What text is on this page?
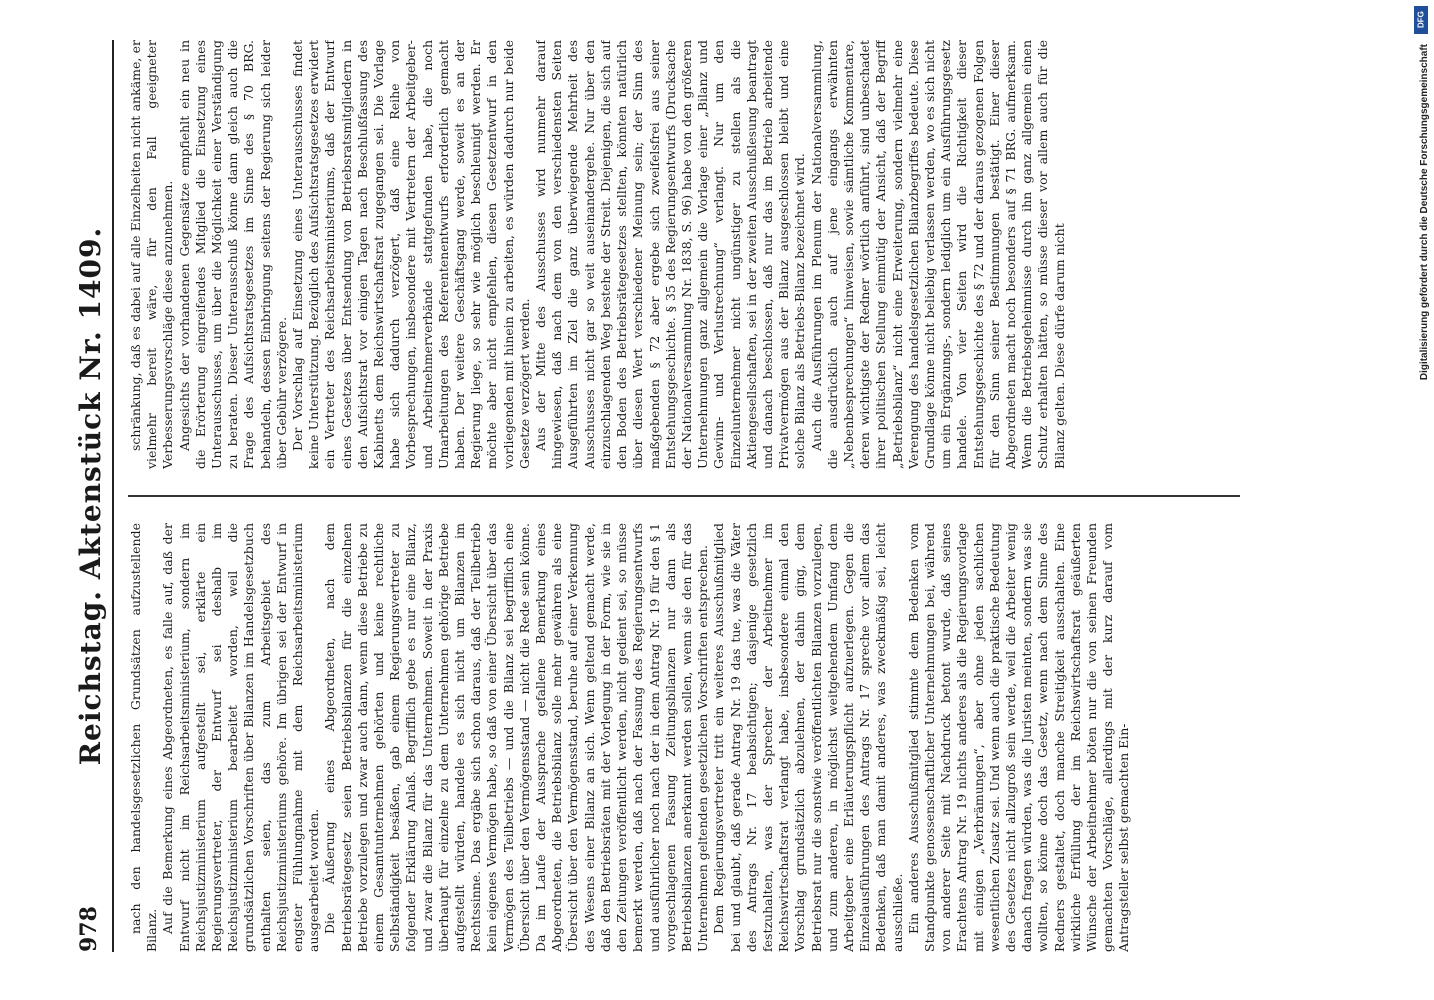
978
Reichstag. Aktenstück Nr. 1409. nach den handelsgesetzlichen Grundsätzen aufzustellende Bilanz. Auf die Bemerkung eines Abgeordneten, es falle auf, daß der Entwurf nicht im Reichsarbeitsministerium, sondern im Reichsjustizministerium aufgestellt sei, erklärte ein Regierungsvertreter, der Entwurf sei deshalb im Reichsjustizministerium bearbeitet worden, weil die grundsätzlichen Vorschriften über Bilanzen im Handelsgesetzbuch enthalten seien, das zum Arbeitsgebiet des Reichsjustizministeriums gehöre. Im übrigen sei der Entwurf in engster Fühlungnahme mit dem Reichsarbeitsministerium ausgearbeitet worden. Die Äußerung eines Abgeordneten, nach dem Betriebsrätegesetz seien Betriebsbilanzen für die einzelnen Betriebe vorzulegen und zwar auch dann, wenn diese Betriebe zu einem Gesamtunternehmen gehörten und keine rechtliche Selbständigkeit besäßen, gab einem Regierungsvertreter zu folgender Erklärung Anlaß. Begrifflich gebe es nur eine Bilanz, und zwar die Bilanz für das Unternehmen. Soweit in der Praxis überhaupt für einzelne zu dem Unternehmen gehörige Betriebe aufgestellt würden, handele es sich nicht um Bilanzen im Rechtssinne. Das ergäbe sich schon daraus, daß der Teilbetrieb kein eigenes Vermögen habe, so daß von einer Übersicht über das Vermögen des Teilbetriebs — und die Bilanz sei begrifflich eine Übersicht über den Vermögensstand — nicht die Rede sein könne. Da im Laufe der Aussprache gefallene Bemerkung eines Abgeordneten, die Betriebsbilanz solle mehr gewähren als eine Übersicht über den Vermögensstand, beruhe auf einer Verkennung des Wesens einer Bilanz an sich. Wenn geltend gemacht werde, daß den Betriebsräten mit der Vorlegung in der Form, wie sie in den Zeitungen veröffentlicht werden, nicht gedient sei, so müsse bemerkt werden, daß nach der Fassung des Regierungsentwurfs und ausführlicher noch nach der in dem Antrag Nr. 19 für den § 1 vorgeschlagenen Fassung Zeitungsbilanzen nur dann als Betriebsbilanzen anerkannt werden sollen, wenn sie den für das Unternehmen geltenden gesetzlichen Vorschriften entsprechen. Dem Regierungsvertreter tritt ein weiteres Ausschußmitglied bei und glaubt, daß gerade Antrag Nr. 19 das tue, was die Väter des Antrags Nr. 17 beabsichtigen; dasjenige gesetzlich festzuhalten, was der Sprecher der Arbeitnehmer im Reichswirtschaftsrat verlangt habe, insbesondere einmal den Vorschlag grundsätzlich abzulehnen, der dahin ging, dem Betriebsrat nur die sonstwie veröffentlichten Bilanzen vorzulegen, und zum anderen, in möglichst weitgehendem Umfang dem Arbeitgeber eine Erläuterungspflicht aufzuerlegen. Gegen die Einzelausführungen des Antrags Nr. 17 spreche vor allem das Bedenken, daß man damit anderes, was zweckmäßig sei, leicht ausschließe. Ein anderes Ausschußmitglied stimmte dem Bedenken vom Standpunkte genossenschaftlicher Unternehmungen bei, während von anderer Seite mit Nachdruck betont wurde, daß seines Erachtens Antrag Nr. 19 nichts anderes als die Regierungsvorlage mit einigen „Verbrämungen“, aber ohne jeden sachlichen wesentlichen Zusatz sei. Und wenn auch die praktische Bedeutung des Gesetzes nicht allzugroß sein werde, weil die Arbeiter wenig danach fragen würden, was die Juristen meinten, sondern was sie wollten, so könne doch das Gesetz, wenn nach dem Sinne des Redners gestaltet, doch manche Streitigkeit ausschalten. Eine wirkliche Erfüllung der im Reichswirtschaftsrat geäußerten Wünsche der Arbeitnehmer böten nur die von seinen Freunden gemachten Vorschläge, allerdings mit der kurz darauf vom Antragsteller selbst gemachten Ein-

schränkung, daß es dabei auf alle Einzelheiten nicht ankäme, er vielmehr bereit wäre, für den Fall geeigneter Verbesserungsvorschläge diese anzunehmen. Angesichts der vorhandenen Gegensätze empfiehlt ein neu in die Erörterung eingreifendes Mitglied die Einsetzung eines Unterausschusses, um über die Möglichkeit einer Verständigung zu beraten. Dieser Unterausschuß könne dann gleich auch die Frage des Aufsichtsratsgesetzes im Sinne des § 70 BRG. behandeln, dessen Einbringung seitens der Regierung sich leider über Gebühr verzögere. Der Vorschlag auf Einsetzung eines Unterausschusses findet keine Unterstützung. Bezüglich des Aufsichtsratsgesetzes erwidert ein Vertreter des Reichsarbeitsministeriums, daß der Entwurf eines Gesetzes über Entsendung von Betriebsratsmitgliedern in den Aufsichtsrat vor einigen Tagen nach Beschlußfassung des Kabinetts dem Reichswirtschaftsrat zugegangen sei. Die Vorlage habe sich dadurch verzögert, daß eine Reihe von Vorbesprechungen, insbesondere mit Vertretern der Arbeitgeber- und Arbeitnehmerverbände stattgefunden habe, die noch Umarbeitungen des Referentenentwurfs erforderlich gemacht haben. Der weitere Geschäftsgang werde, soweit es an der Regierung liege, so sehr wie möglich beschleunigt werden. Er möchte aber nicht empfehlen, diesen Gesetzentwurf in den vorliegenden mit hinein zu arbeiten, es würden dadurch nur beide Gesetze verzögert werden. Aus der Mitte des Ausschusses wird nunmehr darauf hingewiesen, daß nach dem von den verschiedensten Seiten Ausgeführten im Ziel die ganz überwiegende Mehrheit des Ausschusses nicht gar so weit auseinandergehe. Nur über den einzuschlagenden Weg bestehe der Streit. Diejenigen, die sich auf den Boden des Betriebsrätegesetzes stellten, könnten natürlich über diesen Wert verschiedener Meinung sein; der Sinn des maßgebenden § 72 aber ergebe sich zweifelsfrei aus seiner Entstehungsgeschichte. § 35 des Regierungsentwurfs (Drucksache der Nationalversammlung Nr. 1838, S. 96) habe von den größeren Unternehmungen ganz allgemein die Vorlage einer „Bilanz und Gewinn- und Verlustrechnung“ verlangt. Nur um den Einzelunternehmer nicht ungünstiger zu stellen als die Aktiengesellschaften, sei in der zweiten Ausschußlesung beantragt und danach beschlossen, daß nur das im Betrieb arbeitende Privatvermögen aus der Bilanz ausgeschlossen bleibt und eine solche Bilanz als Betriebs-Bilanz bezeichnet wird. Auch die Ausführungen im Plenum der Nationalversammlung, die ausdrücklich auch auf jene eingangs erwähnten „Nebenbesprechungen“ hinweisen, sowie sämtliche Kommentare, deren wichtigste der Redner wörtlich anführt, sind unbeschadet ihrer politischen Stellung einmütig der Ansicht, daß der Begriff „Betriebsbilanz“ nicht eine Erweiterung, sondern vielmehr eine Verengung des handelsgesetzlichen Bilanzbegriffes bedeute. Diese Grundlage könne nicht beliebig verlassen werden, wo es sich nicht um ein Ergänzungs-, sondern lediglich um ein Ausführungsgesetz handele. Von vier Seiten wird die Richtigkeit dieser Entstehungsgeschichte des § 72 und der daraus gezogenen Folgen für den Sinn seiner Bestimmungen bestätigt. Einer dieser Abgeordneten macht noch besonders auf § 71 BRG. aufmerksam. Wenn die Betriebsgeheimnisse durch ihn ganz allgemein einen Schutz erhalten hätten, so müsse dieser vor allem auch für die Bilanz gelten. Diese dürfe darum nicht

DFG
Digitalisierung gefördert durch die Deutsche Forschungsgemeinschaft
